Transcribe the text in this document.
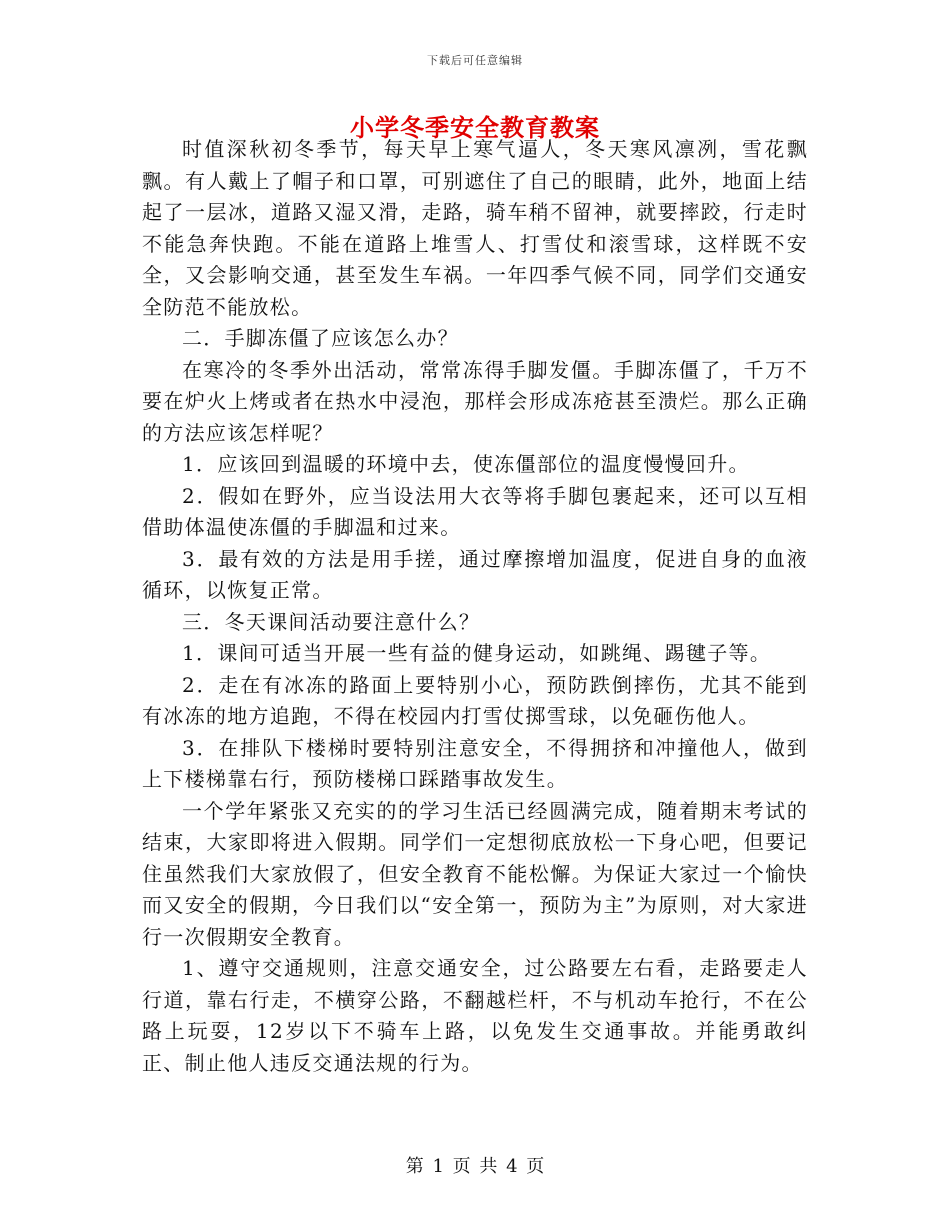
下载后可任意编辑
小学冬季安全教育教案

时值深秋初冬季节，每天早上寒气逼人，冬天寒风凛冽，雪花飘飘。有人戴上了帽子和口罩，可别遮住了自己的眼睛，此外，地面上结起了一层冰，道路又湿又滑，走路，骑车稍不留神，就要摔跤，行走时不能急奔快跑。不能在道路上堆雪人、打雪仗和滚雪球，这样既不安全，又会影响交通，甚至发生车祸。一年四季气候不同，同学们交通安全防范不能放松。

二．手脚冻僵了应该怎么办？

在寒冷的冬季外出活动，常常冻得手脚发僵。手脚冻僵了，千万不要在炉火上烤或者在热水中浸泡，那样会形成冻疮甚至溃烂。那么正确的方法应该怎样呢？

1．应该回到温暖的环境中去，使冻僵部位的温度慢慢回升。

2．假如在野外，应当设法用大衣等将手脚包裹起来，还可以互相借助体温使冻僵的手脚温和过来。

3．最有效的方法是用手搓，通过摩擦增加温度，促进自身的血液循环，以恢复正常。

三．冬天课间活动要注意什么？

1．课间可适当开展一些有益的健身运动，如跳绳、踢毽子等。

2．走在有冰冻的路面上要特别小心，预防跌倒摔伤，尤其不能到有冰冻的地方追跑，不得在校园内打雪仗掷雪球，以免砸伤他人。

3．在排队下楼梯时要特别注意安全，不得拥挤和冲撞他人，做到上下楼梯靠右行，预防楼梯口踩踏事故发生。

一个学年紧张又充实的的学习生活已经圆满完成，随着期末考试的结束，大家即将进入假期。同学们一定想彻底放松一下身心吧，但要记住虽然我们大家放假了，但安全教育不能松懈。为保证大家过一个愉快而又安全的假期，今日我们以“安全第一，预防为主”为原则，对大家进行一次假期安全教育。

1、遵守交通规则，注意交通安全，过公路要左右看，走路要走人行道，靠右行走，不横穿公路，不翻越栏杆，不与机动车抢行，不在公路上玩耍，12岁以下不骑车上路，以免发生交通事故。并能勇敢纠正、制止他人违反交通法规的行为。

第 1 页 共 4 页
